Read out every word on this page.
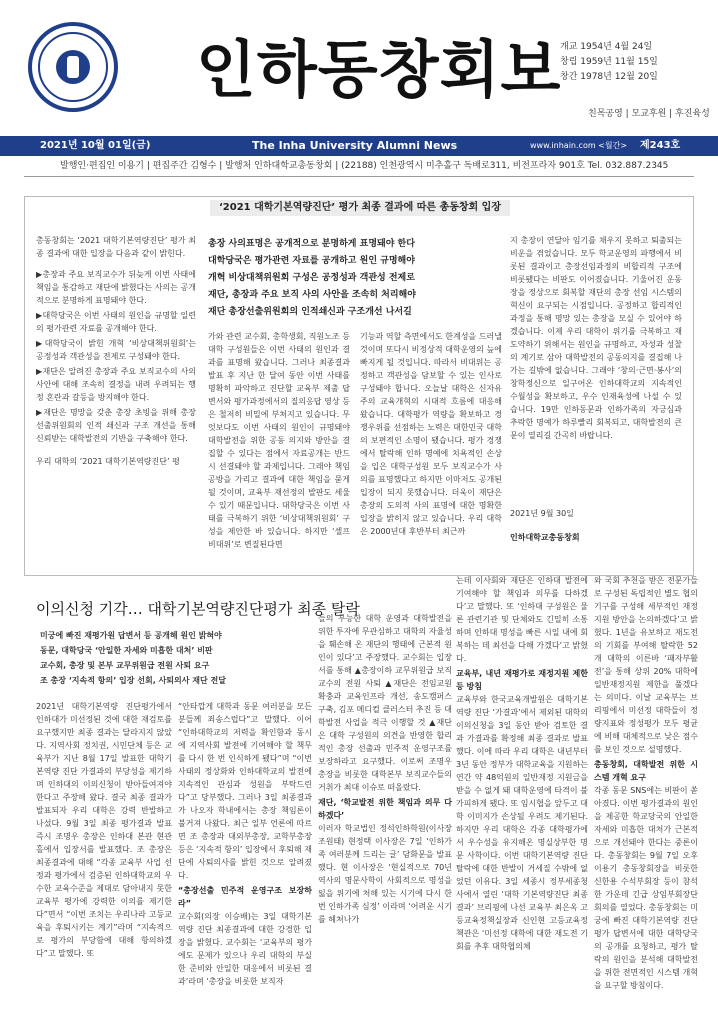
인하동창회보
개교 1954년 4월 24일
창립 1959년 11월 15일
창간 1978년 12월 20일
친목공영 | 모교후원 | 후진육성
2021년 10월 01일(금)	The Inha University Alumni News	www.inhain.com <월간> 제243호
발행인·편집인 이용기 | 편집주간 김형수 | 발행처 인하대학교총동창회 | (22188) 인천광역시 미추홀구 독배로311, 비전프라자 901호 Tel. 032.887.2345
‘2021 대학기본역량진단’ 평가 최종 결과에 따른 총동창회 입장

총동창회는 ‘2021 대학기본역량진단’ 평가 최종 결과에 대한 입장을 다음과 같이 밝힌다.

▶총장과 주요 보직교수가 뒤늦게 이번 사태에 책임을 통감하고 재단에 밝혔다는 사의는 공개적으로 분명하게 표명돼야 한다.
▶대학당국은 이번 사태의 원인을 규명할 일련의 평가관련 자료를 공개해야 한다.
▶대학당국이 밝힌 개혁 ‘비상대책위원회’는 공정성과 객관성을 전제로 구성돼야 한다.
▶재단은 알려진 총장과 주요 보직교수의 사의 사안에 대해 조속히 결정을 내려 우려되는 행정 혼란과 갈등을 방지해야 한다.
▶재단은 명망을 갖춘 총장 초빙을 위해 총장선출위원회의 인적 쇄신과 구조 개선을 통해 신뢰받는 대학발전의 기반을 구축해야 한다.

우리 대학의 ‘2021 대학기본역량진단’ 평

총장 사의표명은 공개적으로 분명하게 표명돼야 한다
대학당국은 평가관련 자료를 공개하고 원인 규명해야
개혁 비상대책위원회 구성은 공정성과 객관성 전제로
재단, 총장과 주요 보직 사의 사안을 조속히 처리해야
재단 총장선출위원회의 인적쇄신과 구조개선 나서길
가와 관련 교수회, 총학생회, 직원노조 등 대학 구성원들은 이번 사태의 원인과 결과를 표명해 왔습니다. 그러나 최종결과 발표 후 지난 한 달여 동안 이번 사태를 명확히 파악하고 진단할 교육부 제출 답변서와 평가과정에서의 질의응답 영상 등은 철저히 비밀에 부쳐지고 있습니다. 무엇보다도 이번 사태의 원인이 규명돼야 대학발전을 위한 공동 의지와 방안을 결집할 수 있다는 점에서 자료공개는 반드시 선결돼야 할 과제입니다. 그래야 책임 공방을 가리고 결과에 대한 책임을 묻게 될 것이며, 교육부 재선정의 발판도 세울 수 있기 때문입니다. 대학당국은 이번 사태를 극복하기 위한 ‘비상대책위원회’ 구성을 제안한 바 있습니다. 하지만 ‘셀프 비대위’로 변질된다면
기능과 역할 측면에서도 한계성을 드러낼 것이며 또다시 비정상적 대학운영의 늪에 빠지게 될 것입니다. 따라서 비대위는 공정하고 객관성을 담보할 수 있는 인사로 구성돼야 합니다. 오늘날 대학은 신자유주의 교육개혁의 시대적 흐름에 대응해 왔습니다. 대학평가 역량을 확보하고 경쟁우위를 선점하는 노력은 대한민국 대학의 보편적인 소명이 됐습니다. 평가 경쟁에서 탈락해 인하 명예에 치욕적인 손상을 입은 대학구성원 모두 보직교수가 사의를 표명했다고 하지만 이마저도 공개된 입장이 되지 못했습니다. 더욱이 재단은 총장의 도의적 사의 표명에 대한 명확한 입장을 밝히지 않고 있습니다. 우리 대학은 2000년대 후반부터 최근까
지 총장이 연달아 임기를 채우지 못하고 퇴출되는 비운을 겪었습니다. 모두 학교운영의 파행에서 비롯된 결과이고 총장선임과정의 비합리적 구조에 비롯됐다는 비판도 이어졌습니다. 기울어진 운동장을 정상으로 회복할 재단의 총장 선임 시스템의 혁신이 요구되는 시점입니다. 공정하고 합리적인 과정을 통해 명망 있는 총장을 모실 수 있어야 하겠습니다. 이제 우리 대학이 위기를 극복하고 재도약하기 위해서는 원인을 규명하고, 자성과 성찰의 계기로 삼아 대학발전의 공동의지를 결집해 나가는 길밖에 없습니다. 그래야 ‘창의·근면·봉사’의 창학정신으로 일구어온 인하대학교의 지속적인 수월성을 확보하고, 우수 인재육성에 나설 수 있습니다. 19만 인하동문과 인하가족의 자긍심과 추락한 명예가 하루빨리 회복되고, 대학발전의 큰 문이 열리길 간곡히 바랍니다.
2021년 9월 30일
인하대학교총동창회
이의신청 기각… 대학기본역량진단평가 최종 탈락
미궁에 빠진 재평가원 답변서 등 공개해 원인 밝혀야
동문, 대학당국 ‘안일한 자세와 미흡한 대처’ 비판
교수회, 총장 및 본부 교무위원급 전원 사퇴 요구
조 총장 ‘지속적 항의’ 입장 선회, 사퇴의사 재단 전달

2021년 대학기본역량 진단평가에서 인하대가 미선정된 것에 대한 재검토를 요구했지만 최종 결과는 달라지지 않았다. 지역사회 정치권, 시민단체 등은 교육부가 지난 8월 17일 발표한 대학기본역량 진단 가결과의 부당성을 제기하며 인하대의 이의신청이 받아들여져야 한다고 주장해 왔다. 결국 최종 결과가 발표되자 우리 대학은 강력 반발하고 나섰다. 9월 3일 최종 평가결과 발표 즉시 조명우 총장은 인하대 본관 현관홀에서 입장서를 발표했다. 조 총장은 최종결과에 대해 “각종 교육부 사업 선정과 평가에서 검증된 인하대학교의 우수한 교육수준을 제대로 담아내지 못한 교육부 평가에 강력한 이의를 제기한다”면서 “이번 조치는 우리나라 고등교육을 후퇴시키는 계기”라며 “지속적으로 평가의 부당함에 대해 항의하겠다”고 말했다. 또

“안타깝게 대학과 동문 여러분을 모든 분들께 죄송스럽다”고 말했다. 이어 “인하대학교의 저력을 확인함과 동시에 지역사회 발전에 기여해야 할 책무를 다시 한 번 인식하게 됐다”며 “이번 사태의 정상화와 인하대학교의 발전에 지속적인 관심과 성원을 부탁드린다”고 당부했다. 그러나 3일 최종결과가 나오자 학내에서는 총장 책임론이 불거져 나왔다. 최근 일부 언론에 따르면 조 총장과 대외부총장, 교학부총장 등은 ‘지속적 항의’ 입장에서 후퇴해 재단에 사퇴의사를 밝힌 것으로 알려졌다.

“총장선출 민주적 운영구조 보장하라”

교수회(의장 이승배)는 3일 대학기본역량 진단 최종결과에 대한 강경한 입장을 밝혔다. 교수회는 ‘교육부의 평가에도 문제가 있으나 우리 대학의 부실한 준비와 안일한 대응에서 비롯된 결과’라며 ‘총장을 비롯한 보직자

들의 무능한 대학 운영과 대학발전을 위한 투자에 무관심하고 대학의 자율성을 훼손해 온 재단의 행태에 근본적 원인이 있다’고 주장했다. 교수회는 입장서를 통해 ▲총장이하 교무위원급 보직교수의 전원 사퇴 ▲재단은 전임교원 확충과 교육인프라 개선, 송도캠퍼스 구축, 김포 메디컬 클러스터 추진 등 대학발전 사업을 적극 이행할 것 ▲재단은 대학 구성원의 의견을 반영한 합리적인 총장 선출과 민주적 운영구조를 보장하라고 요구했다. 이로써 조명우 총장을 비롯한 대학본부 보직교수들의 거취가 최대 이슈로 떠올랐다.

재단, ‘학교발전 위한 책임과 의무 다하겠다’

이러자 학교법인 정석인하학원(이사장 조원태) 현정택 이사장은 7일 ‘인하가족 여러분께 드리는 글’ 담화문을 발표했다. 현 이사장은 ‘현실적으로 70년 역사의 명문사학이 사회적으로 명성을 잃을 위기에 처해 있는 시기에 다시 한 번 인하가족 심정’ 이라며 ‘어려운 시기를 헤쳐나가

는데 이사회와 재단은 인하대 발전에 기여해야 할 책임과 의무를 다하겠다’고 말했다. 또 ‘인하대 구성원은 물론 관련기관 및 단체와도 긴밀히 소통하며 인하대 명성을 빠른 시일 내에 회복하는 데 최선을 다해 가겠다’고 밝혔다.

교육부, 내년 재평가로 재정지원 제한 등 방침

교육부와 한국교육개발원은 대학기본역량 진단 ‘가결과’에서 제외된 대학의 이의신청을 3일 동안 받아 검토한 결과 가결과를 확정해 최종 결과로 발표했다. 이에 따라 우리 대학은 내년부터 3년 동안 정부가 대학교육을 지원하는 연간 약 48억원의 일반재정 지원금을 받을 수 없게 돼 대학운영에 타격이 불가피하게 됐다. 또 임시협을 앞두고 대학 이미지가 손상될 우려도 제기된다. 하지만 우리 대학은 각종 대학평가에서 우수성을 유지해온 명실상부한 명문 사학이다. 이번 대학기본역량 진단 탈락에 대한 반발이 거세질 수밖에 없었던 이유다. 3일 세종시 정부세종청사에서 열린 ‘대학 기본역량진단 최종결과’ 브리핑에 나선 교육부 최은옥 고등교육정책실장과 신인현 고등교육정책관은 ‘미선정 대학에 대한 재도전 기회를 추후 대학협의체

와 국회 추천을 받은 전문가들로 구성된 독립적인 별도 협의기구를 구성해 세부적인 재정지원 방안을 논의하겠다’고 밝혔다. 1년을 유보하고 재도전의 기회를 부여해 탈락한 52개 대학의 이른바 ‘패자부활전’을 통해 상위 20% 대학에 일반재정지원 제한을 풀겠다는 의미다. 이날 교육부는 브리핑에서 미선정 대학들이 정량지표와 정성평가 모두 평균에 비해 대체적으로 낮은 점수를 보인 것으로 설명했다.

총동창회, 대학발전 위한 시스템 개혁 요구

각종 동문 SNS에는 비판이 쏟아졌다. 이번 평가결과의 원인을 제공한 학교당국의 안일한 자세와 미흡한 대처가 근본적으로 개선돼야 한다는 중론이다. 총동창회는 9월 7일 오후 이용기 총동창회장을 비롯한 신한용 수석부회장 등이 참석한 가운데 긴급 상임부회장단 회의를 열었다. 총동창회는 미궁에 빠진 대학기본역량 진단평가 답변서에 대한 대학당국의 공개를 요청하고, 평가 탈락의 원인을 분석해 대학발전을 위한 전면적인 시스템 개혁을 요구할 방침이다.
